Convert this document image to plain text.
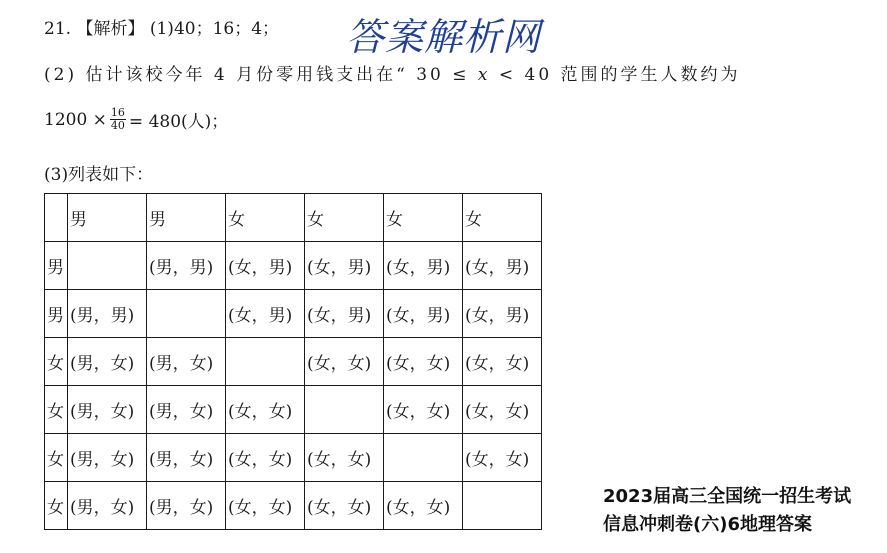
21. 【解析】 (1)40；16；4； 答案解析网
(2) 估计该校今年 4 月份零用钱支出在“ 30 ≤ 𝑥 < 40 范围的学生人数约为
$1200 \times \frac{16}{40} = 480$(人)；
(3)列表如下：
	男	男	女	女	女	女
男		(男，男)	(女，男)	(女，男)	(女，男)	(女，男)
男	(男，男)		(女，男)	(女，男)	(女，男)	(女，男)
女	(男，女)	(男，女)		(女，女)	(女，女)	(女，女)
女	(男，女)	(男，女)	(女，女)		(女，女)	(女，女)
女	(男，女)	(男，女)	(女，女)	(女，女)		(女，女)
女	(男，女)	(男，女)	(女，女)	(女，女)	(女，女)	
2023届高三全国统一招生考试
信息冲刺卷(六)6地理答案
